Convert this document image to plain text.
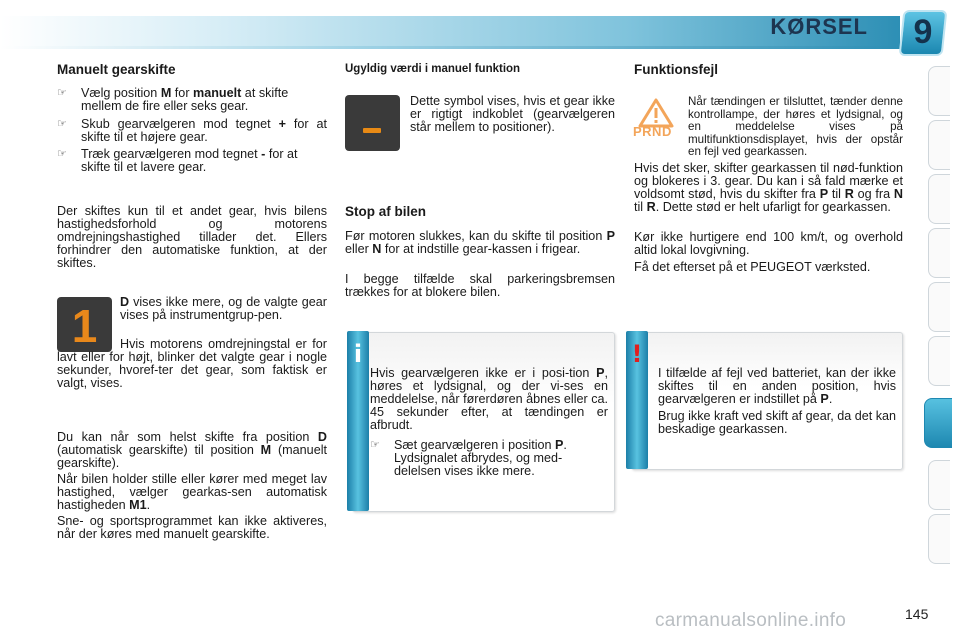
KØRSEL	9
Manuelt gearskifte
☞ Vælg position M for manuelt at skifte mellem de fire eller seks gear.
☞ Skub gearvælgeren mod tegnet + for at skifte til et højere gear.
☞ Træk gearvælgeren mod tegnet - for at skifte til et lavere gear.
Der skiftes kun til et andet gear, hvis bilens hastighedsforhold og motorens omdrejningshastighed tillader det. Ellers forhindrer den automatiske funktion, at der skiftes.
1	D vises ikke mere, og de valgte gear vises på instrumentgrup-pen.
Hvis motorens omdrejningstal er for lavt eller for højt, blinker det valgte gear i nogle sekunder, hvoref-ter det gear, som faktisk er valgt, vises.
Du kan når som helst skifte fra position D (automatisk gearskifte) til position M (manuelt gearskifte).
Når bilen holder stille eller kører med meget lav hastighed, vælger gearkas-sen automatisk hastigheden M1.
Sne- og sportsprogrammet kan ikke aktiveres, når der køres med manuelt gearskifte.
Ugyldig værdi i manuel funktion
Dette symbol vises, hvis et gear ikke er rigtigt indkoblet (gearvælgeren står mellem to positioner).
Stop af bilen
Før motoren slukkes, kan du skifte til position P eller N for at indstille gear-kassen i frigear.
I begge tilfælde skal parkeringsbremsen trækkes for at blokere bilen.
i
Hvis gearvælgeren ikke er i posi-tion P, høres et lydsignal, og der vi-ses en meddelelse, når førerdøren åbnes eller ca. 45 sekunder efter, at tændingen er afbrudt.
☞ Sæt gearvælgeren i position P. Lydsignalet afbrydes, og med-delelsen vises ikke mere.
Funktionsfejl
PRND
Når tændingen er tilsluttet, tænder denne kontrollampe, der høres et lydsignal, og en meddelelse vises på multifunktionsdisplayet, hvis der opstår en fejl ved gearkassen.
Hvis det sker, skifter gearkassen til nød-funktion og blokeres i 3. gear. Du kan i så fald mærke et voldsomt stød, hvis du skifter fra P til R og fra N til R. Dette stød er helt ufarligt for gearkassen.
Kør ikke hurtigere end 100 km/t, og overhold altid lokal lovgivning.
Få det efterset på et PEUGEOT værksted.
!
I tilfælde af fejl ved batteriet, kan der ikke skiftes til en anden position, hvis gearvælgeren er indstillet på P.
Brug ikke kraft ved skift af gear, da det kan beskadige gearkassen.
carmanualsonline.info	145
